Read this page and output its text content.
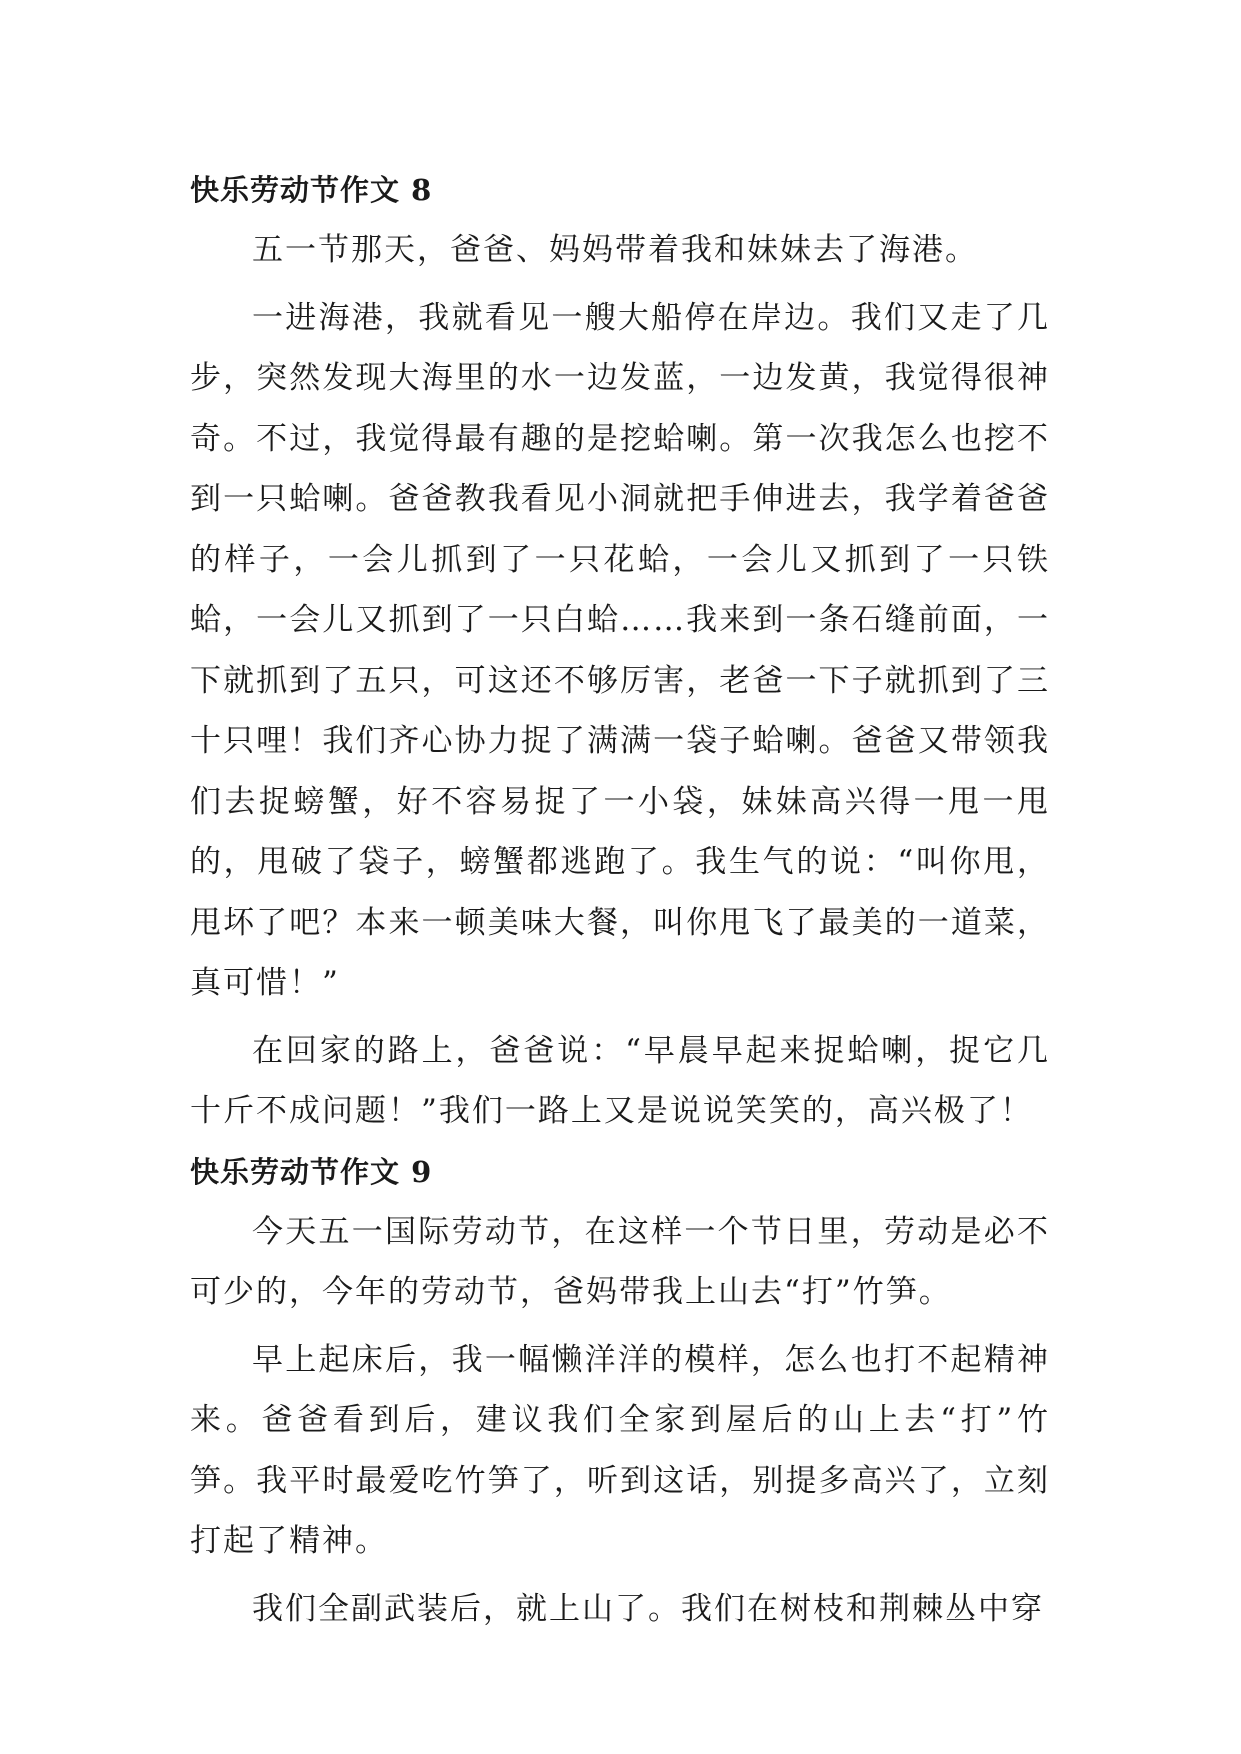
快乐劳动节作文 8

五一节那天，爸爸、妈妈带着我和妹妹去了海港。

一进海港，我就看见一艘大船停在岸边。我们又走了几步，突然发现大海里的水一边发蓝，一边发黄，我觉得很神奇。不过，我觉得最有趣的是挖蛤喇。第一次我怎么也挖不到一只蛤喇。爸爸教我看见小洞就把手伸进去，我学着爸爸的样子，一会儿抓到了一只花蛤，一会儿又抓到了一只铁蛤，一会儿又抓到了一只白蛤……我来到一条石缝前面，一下就抓到了五只，可这还不够厉害，老爸一下子就抓到了三十只哩！我们齐心协力捉了满满一袋子蛤喇。爸爸又带领我们去捉螃蟹，好不容易捉了一小袋，妹妹高兴得一甩一甩的，甩破了袋子，螃蟹都逃跑了。我生气的说：“叫你甩，甩坏了吧？本来一顿美味大餐，叫你甩飞了最美的一道菜，真可惜！”

在回家的路上，爸爸说：“早晨早起来捉蛤喇，捉它几十斤不成问题！”我们一路上又是说说笑笑的，高兴极了！

快乐劳动节作文 9

今天五一国际劳动节，在这样一个节日里，劳动是必不可少的，今年的劳动节，爸妈带我上山去“打”竹笋。

早上起床后，我一幅懒洋洋的模样，怎么也打不起精神来。爸爸看到后，建议我们全家到屋后的山上去“打”竹笋。我平时最爱吃竹笋了，听到这话，别提多高兴了，立刻打起了精神。

我们全副武装后，就上山了。我们在树枝和荆棘丛中穿
